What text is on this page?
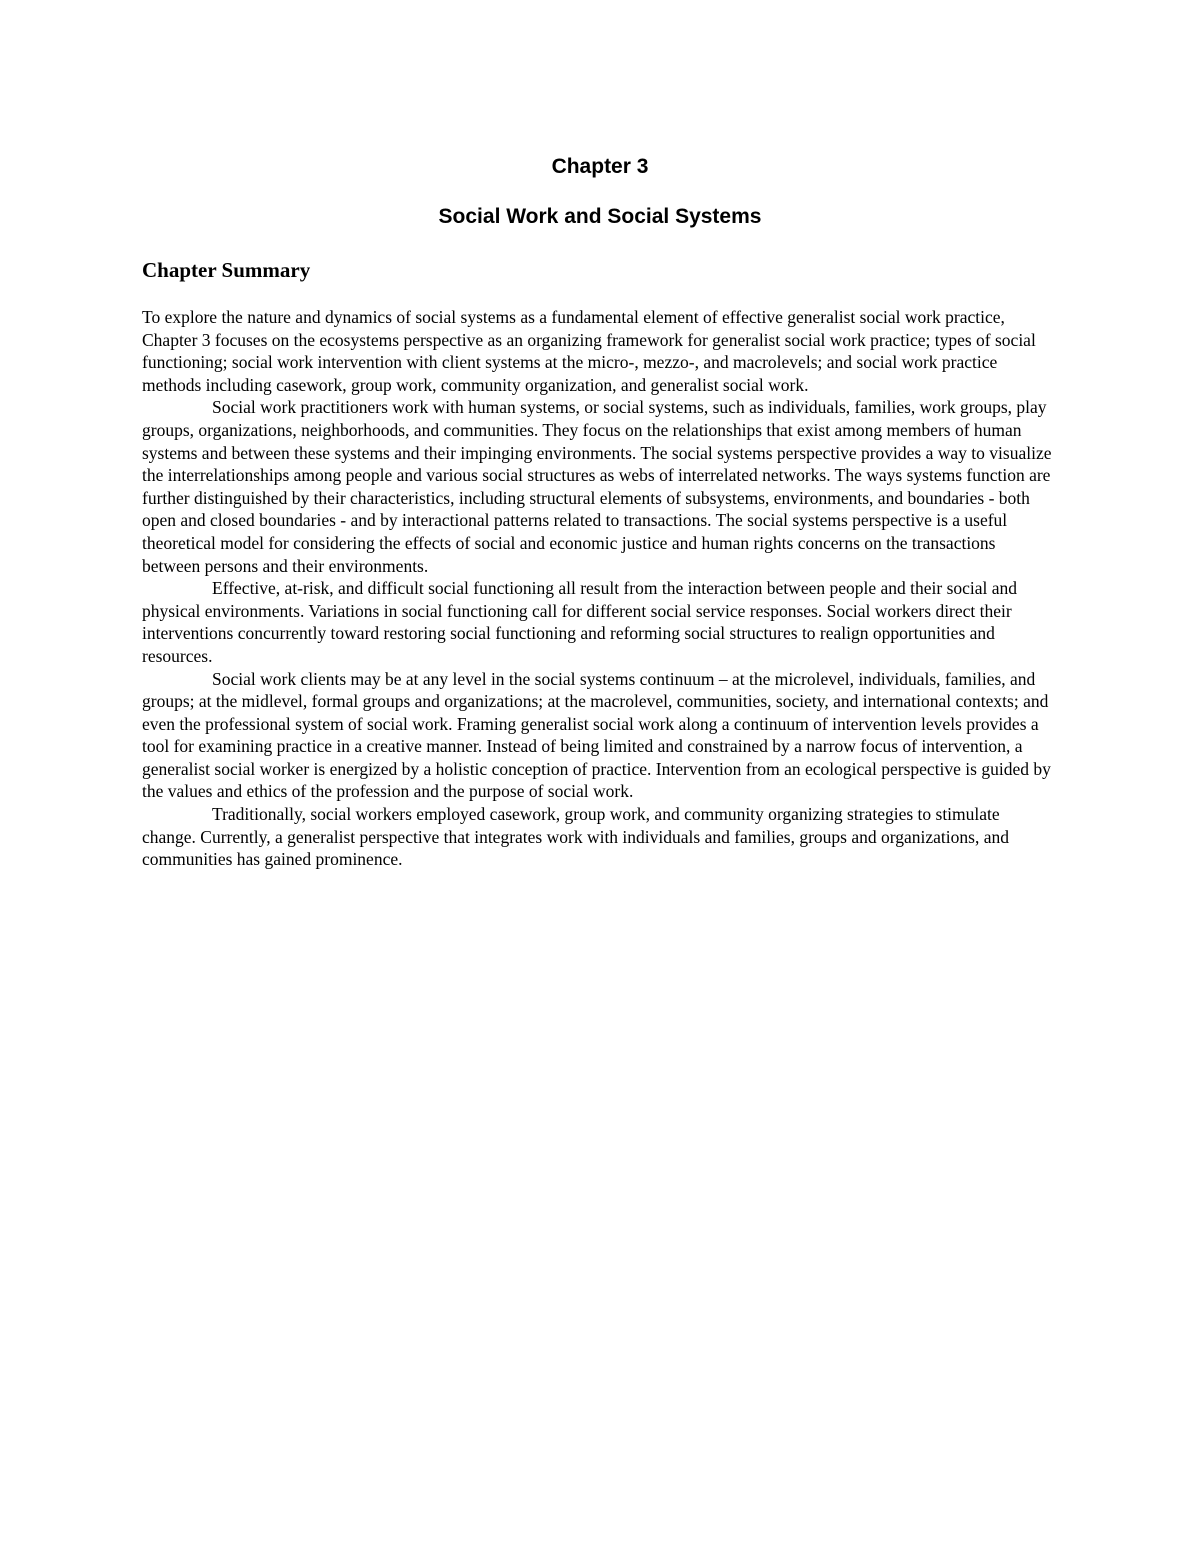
Chapter 3
Social Work and Social Systems
Chapter Summary

To explore the nature and dynamics of social systems as a fundamental element of effective generalist social work practice, Chapter 3 focuses on the ecosystems perspective as an organizing framework for generalist social work practice; types of social functioning; social work intervention with client systems at the micro-, mezzo-, and macrolevels; and social work practice methods including casework, group work, community organization, and generalist social work.

Social work practitioners work with human systems, or social systems, such as individuals, families, work groups, play groups, organizations, neighborhoods, and communities. They focus on the relationships that exist among members of human systems and between these systems and their impinging environments. The social systems perspective provides a way to visualize the interrelationships among people and various social structures as webs of interrelated networks. The ways systems function are further distinguished by their characteristics, including structural elements of subsystems, environments, and boundaries - both open and closed boundaries - and by interactional patterns related to transactions. The social systems perspective is a useful theoretical model for considering the effects of social and economic justice and human rights concerns on the transactions between persons and their environments.

Effective, at-risk, and difficult social functioning all result from the interaction between people and their social and physical environments. Variations in social functioning call for different social service responses. Social workers direct their interventions concurrently toward restoring social functioning and reforming social structures to realign opportunities and resources.

Social work clients may be at any level in the social systems continuum – at the microlevel, individuals, families, and groups; at the midlevel, formal groups and organizations; at the macrolevel, communities, society, and international contexts; and even the professional system of social work. Framing generalist social work along a continuum of intervention levels provides a tool for examining practice in a creative manner. Instead of being limited and constrained by a narrow focus of intervention, a generalist social worker is energized by a holistic conception of practice. Intervention from an ecological perspective is guided by the values and ethics of the profession and the purpose of social work.

Traditionally, social workers employed casework, group work, and community organizing strategies to stimulate change. Currently, a generalist perspective that integrates work with individuals and families, groups and organizations, and communities has gained prominence.
